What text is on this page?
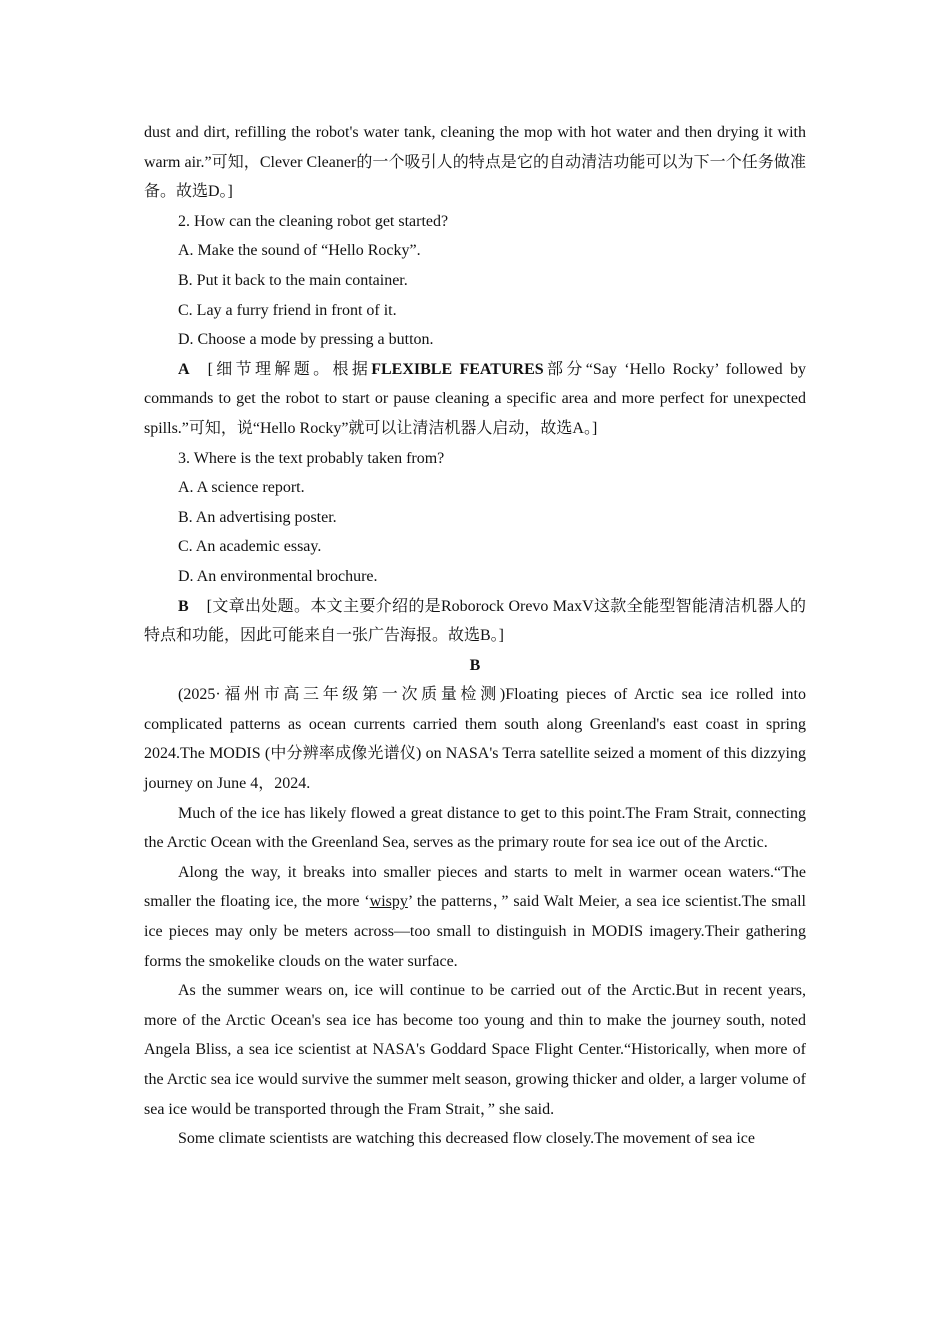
dust and dirt, refilling the robot's water tank, cleaning the mop with hot water and then drying it with warm air.”可知，Clever Cleaner的一个吸引人的特点是它的自动清洁功能可以为下一个任务做准备。故选D。]

2. How can the cleaning robot get started?

A. Make the sound of “Hello Rocky”.

B. Put it back to the main container.

C. Lay a furry friend in front of it.

D. Choose a mode by pressing a button.

A [细节理解题。根据FLEXIBLE FEATURES部分“Say ‘Hello Rocky’ followed by commands to get the robot to start or pause cleaning a specific area and more perfect for unexpected spills.”可知，说“Hello Rocky”就可以让清洁机器人启动，故选A。]

3. Where is the text probably taken from?

A. A science report.

B. An advertising poster.

C. An academic essay.

D. An environmental brochure.

B [文章出处题。本文主要介绍的是Roborock Orevo MaxV这款全能型智能清洁机器人的特点和功能，因此可能来自一张广告海报。故选B。]

B

(2025·福州市高三年级第一次质量检测)Floating pieces of Arctic sea ice rolled into complicated patterns as ocean currents carried them south along Greenland's east coast in spring 2024.The MODIS (中分辨率成像光谱仪) on NASA's Terra satellite seized a moment of this dizzying journey on June 4，2024.

Much of the ice has likely flowed a great distance to get to this point.The Fram Strait, connecting the Arctic Ocean with the Greenland Sea, serves as the primary route for sea ice out of the Arctic.

Along the way, it breaks into smaller pieces and starts to melt in warmer ocean waters.“The smaller the floating ice, the more ‘wispy’ the patterns，” said Walt Meier, a sea ice scientist.The small ice pieces may only be meters across—too small to distinguish in MODIS imagery.Their gathering forms the smokelike clouds on the water surface.

As the summer wears on, ice will continue to be carried out of the Arctic.But in recent years, more of the Arctic Ocean's sea ice has become too young and thin to make the journey south, noted Angela Bliss, a sea ice scientist at NASA's Goddard Space Flight Center.“Historically, when more of the Arctic sea ice would survive the summer melt season, growing thicker and older, a larger volume of sea ice would be transported through the Fram Strait，” she said.

Some climate scientists are watching this decreased flow closely.The movement of sea ice
